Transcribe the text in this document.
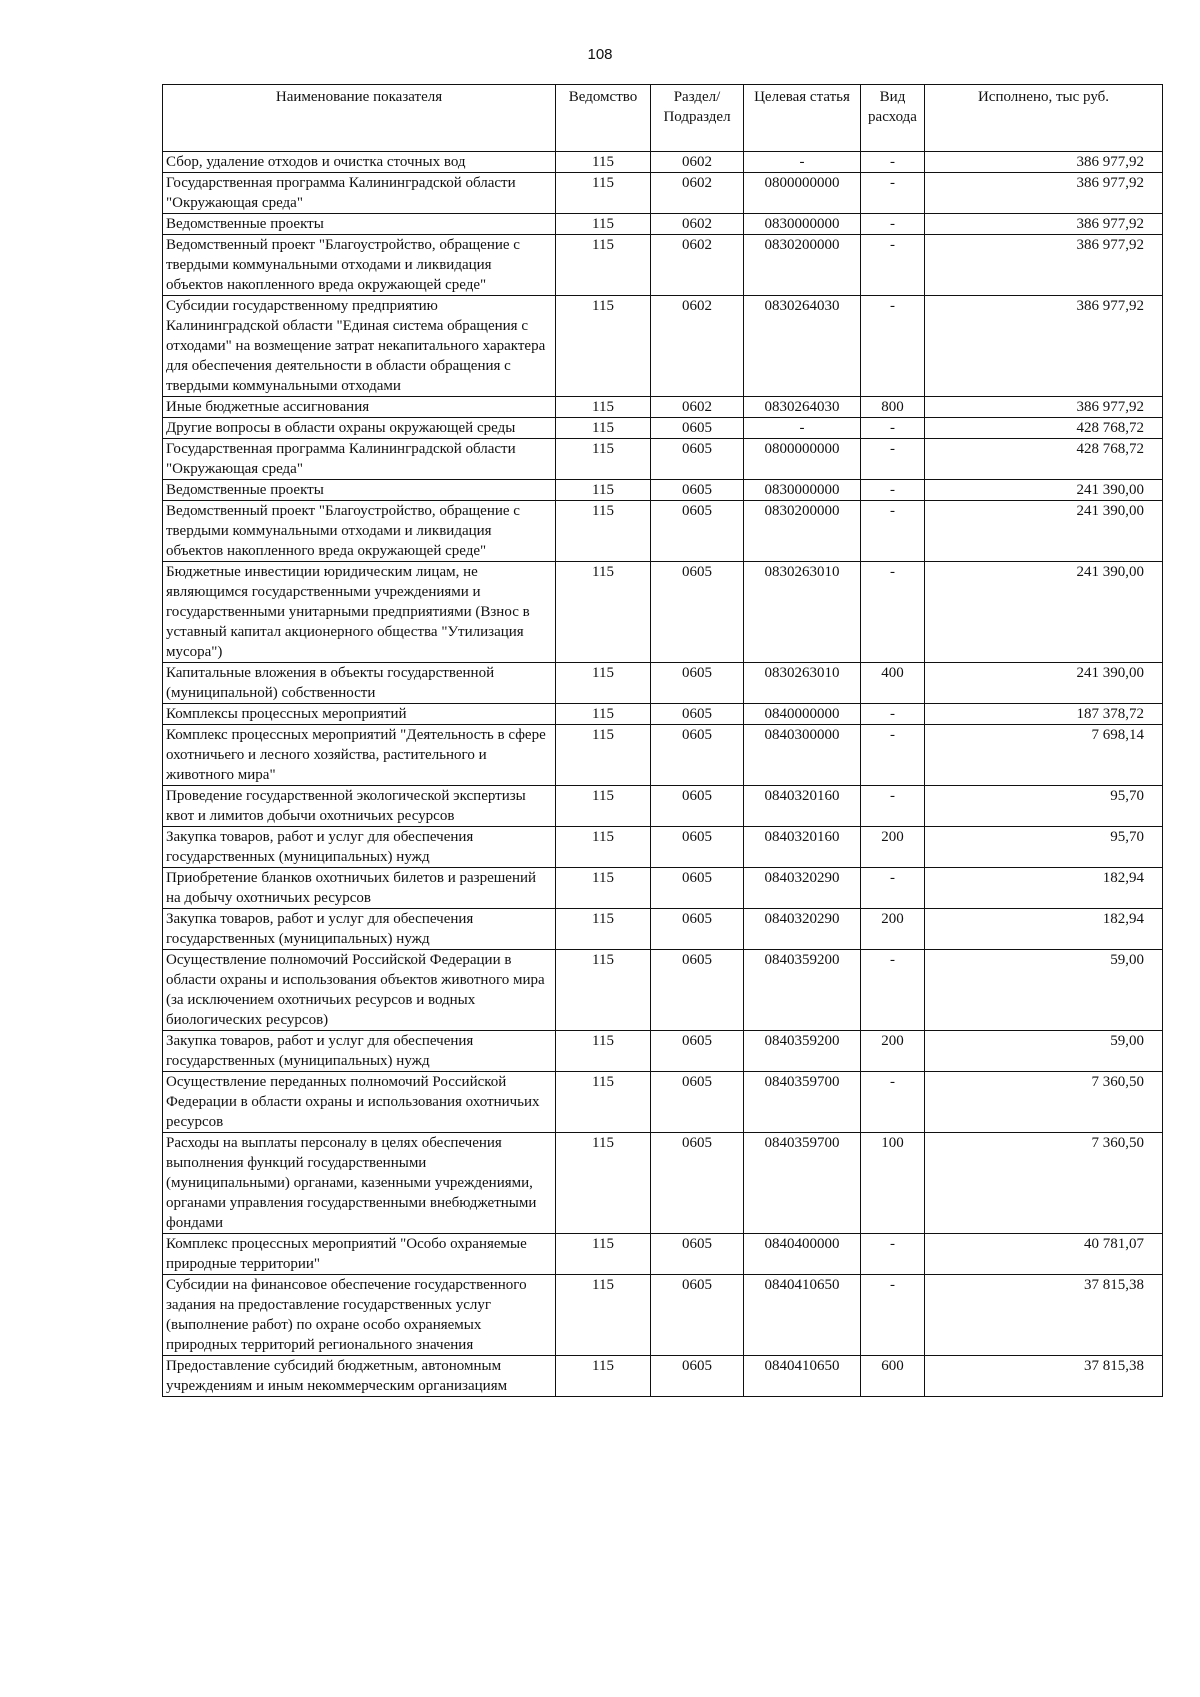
108
Наименование показателя	Ведомство	Раздел/ Подраздел	Целевая статья	Вид расхода	Исполнено, тыс руб.
Сбор, удаление отходов и очистка сточных вод	115	0602	-	-	386 977,92
Государственная программа Калининградской области "Окружающая среда"	115	0602	0800000000	-	386 977,92
Ведомственные проекты	115	0602	0830000000	-	386 977,92
Ведомственный проект "Благоустройство, обращение с твердыми коммунальными отходами и ликвидация объектов накопленного вреда окружающей среде"	115	0602	0830200000	-	386 977,92
Субсидии государственному предприятию Калининградской области "Единая система обращения с отходами" на возмещение затрат некапитального характера для обеспечения деятельности в области обращения с твердыми коммунальными отходами	115	0602	0830264030	-	386 977,92
Иные бюджетные ассигнования	115	0602	0830264030	800	386 977,92
Другие вопросы в области охраны окружающей среды	115	0605	-	-	428 768,72
Государственная программа Калининградской области "Окружающая среда"	115	0605	0800000000	-	428 768,72
Ведомственные проекты	115	0605	0830000000	-	241 390,00
Ведомственный проект "Благоустройство, обращение с твердыми коммунальными отходами и ликвидация объектов накопленного вреда окружающей среде"	115	0605	0830200000	-	241 390,00
Бюджетные инвестиции юридическим лицам, не являющимся государственными учреждениями и государственными унитарными предприятиями (Взнос в уставный капитал акционерного общества "Утилизация мусора")	115	0605	0830263010	-	241 390,00
Капитальные вложения в объекты государственной (муниципальной) собственности	115	0605	0830263010	400	241 390,00
Комплексы процессных мероприятий	115	0605	0840000000	-	187 378,72
Комплекс процессных мероприятий "Деятельность в сфере охотничьего и лесного хозяйства, растительного и животного мира"	115	0605	0840300000	-	7 698,14
Проведение государственной экологической экспертизы квот и лимитов добычи охотничьих ресурсов	115	0605	0840320160	-	95,70
Закупка товаров, работ и услуг для обеспечения государственных (муниципальных) нужд	115	0605	0840320160	200	95,70
Приобретение бланков охотничьих билетов и разрешений на добычу охотничьих ресурсов	115	0605	0840320290	-	182,94
Закупка товаров, работ и услуг для обеспечения государственных (муниципальных) нужд	115	0605	0840320290	200	182,94
Осуществление полномочий Российской Федерации в области охраны и использования объектов животного мира (за исключением охотничьих ресурсов и водных биологических ресурсов)	115	0605	0840359200	-	59,00
Закупка товаров, работ и услуг для обеспечения государственных (муниципальных) нужд	115	0605	0840359200	200	59,00
Осуществление переданных полномочий Российской Федерации в области охраны и использования охотничьих ресурсов	115	0605	0840359700	-	7 360,50
Расходы на выплаты персоналу в целях обеспечения выполнения функций государственными (муниципальными) органами, казенными учреждениями, органами управления государственными внебюджетными фондами	115	0605	0840359700	100	7 360,50
Комплекс процессных мероприятий "Особо охраняемые природные территории"	115	0605	0840400000	-	40 781,07
Субсидии на финансовое обеспечение государственного задания на предоставление государственных услуг (выполнение работ) по охране особо охраняемых природных территорий регионального значения	115	0605	0840410650	-	37 815,38
Предоставление субсидий бюджетным, автономным учреждениям и иным некоммерческим организациям	115	0605	0840410650	600	37 815,38
